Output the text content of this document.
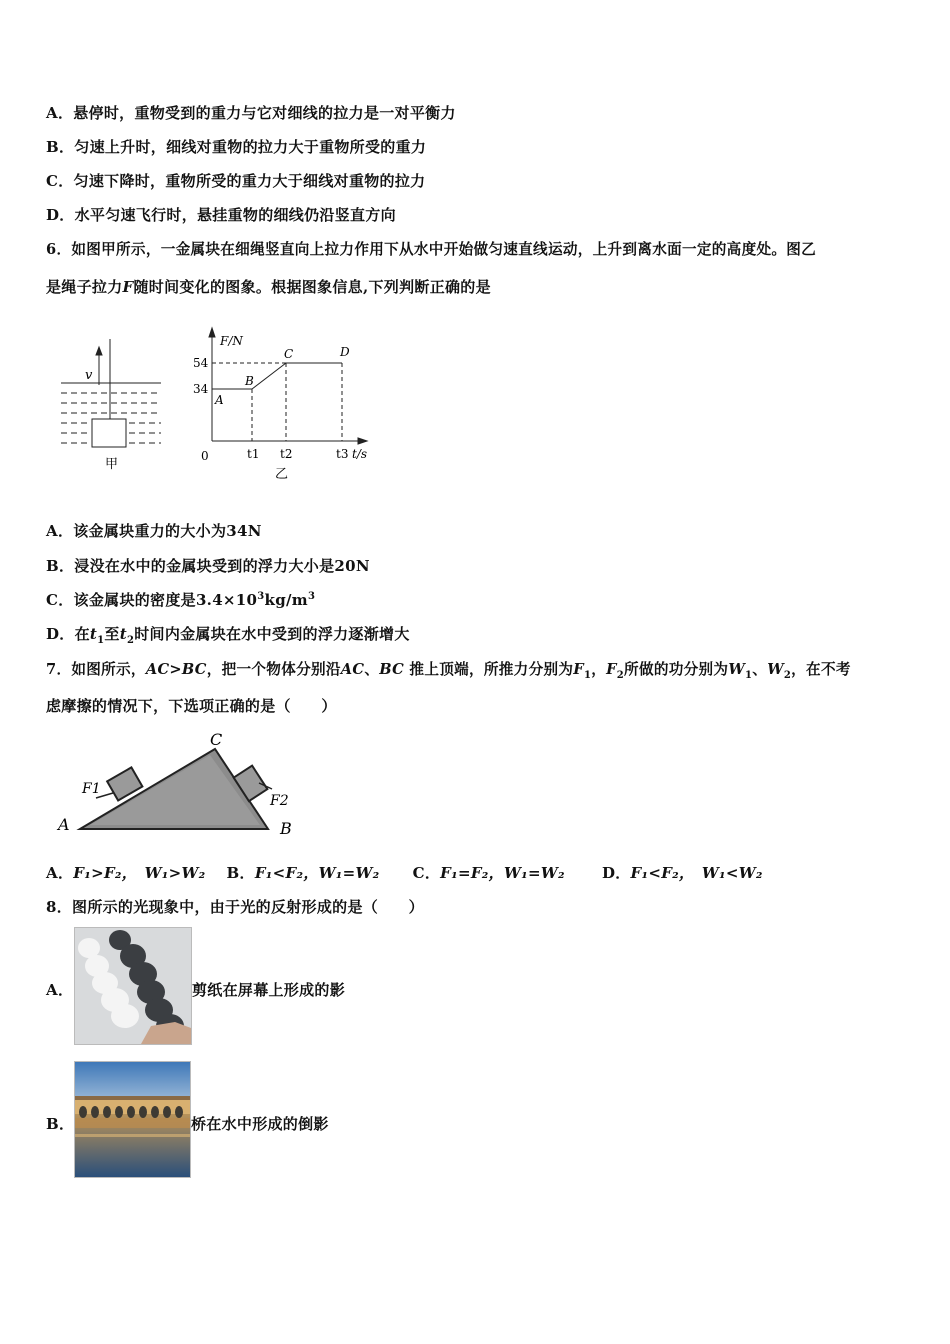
A．悬停时，重物受到的重力与它对细线的拉力是一对平衡力
B．匀速上升时，细线对重物的拉力大于重物所受的重力
C．匀速下降时，重物所受的重力大于细线对重物的拉力
D．水平匀速飞行时，悬挂重物的细线仍沿竖直方向
6．如图甲所示，一金属块在细绳竖直向上拉力作用下从水中开始做匀速直线运动，上升到离水面一定的高度处。图乙
是绳子拉力F随时间变化的图象。根据图象信息,下列判断正确的是
v
甲
F/N
54
34
0	t1 t2	t3 t/s
A
B
C	D
乙
A．该金属块重力的大小为34N
B．浸没在水中的金属块受到的浮力大小是20N
C．该金属块的密度是$3.4\times 10^3kg/m^3$
D．在$t_1$至$t_2$时间内金属块在水中受到的浮力逐渐增大
7．如图所示，AC>BC，把一个物体分别沿AC、BC 推上顶端，所推力分别为$F_1$，$F_2$所做的功分别为$W_1$、$W_2$，在不考
虑摩擦的情况下，下选项正确的是（　　）
A	B
C
F1
F2
A．F₁>F₂， W₁>W₂ B．F₁<F₂，W₁=W₂ C．F₁=F₂，W₁=W₂ D．F₁<F₂， W₁<W₂
8．图所示的光现象中，由于光的反射形成的是（　　）
A．	剪纸在屏幕上形成的影
B．	桥在水中形成的倒影
